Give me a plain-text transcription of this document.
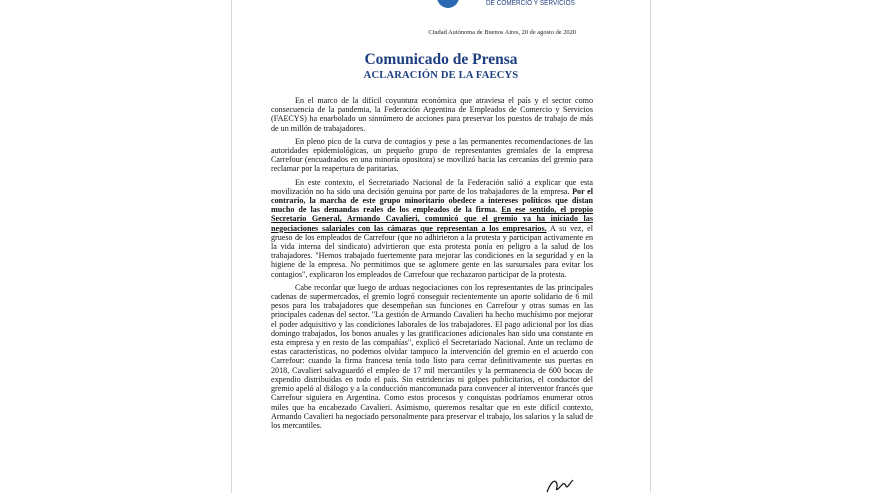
DE COMERCIO Y SERVICIOS
Ciudad Autónoma de Buenos Aires, 20 de agosto de 2020
Comunicado de Prensa
ACLARACIÓN DE LA FAECYS

En el marco de la difícil coyuntura económica que atraviesa el país y el sector como consecuencia de la pandemia, la Federación Argentina de Empleados de Comercio y Servicios (FAECYS) ha enarbolado un sinnúmero de acciones para preservar los puestos de trabajo de más de un millón de trabajadores.

En pleno pico de la curva de contagios y pese a las permanentes recomendaciones de las autoridades epidemiológicas, un pequeño grupo de representantes gremiales de la empresa Carrefour (encuadrados en una minoría opositora) se movilizó hacia las cercanías del gremio para reclamar por la reapertura de paritarias.

En este contexto, el Secretariado Nacional de la Federación salió a explicar que esta movilización no ha sido una decisión genuina por parte de los trabajadores de la empresa. Por el contrario, la marcha de este grupo minoritario obedece a intereses políticos que distan mucho de las demandas reales de los empleados de la firma. En ese sentido, el propio Secretario General, Armando Cavalieri, comunicó que el gremio ya ha iniciado las negociaciones salariales con las cámaras que representan a los empresarios. A su vez, el grueso de los empleados de Carrefour (que no adhirieron a la protesta y participan activamente en la vida interna del sindicato) advirtieron que esta protesta ponía en peligro a la salud de los trabajadores. "Hemos trabajado fuertemente para mejorar las condiciones en la seguridad y en la higiene de la empresa. No permitimos que se aglomere gente en las sursursales para evitar los contagios", explicaron los empleados de Carrefour que rechazaron participar de la protesta.

Cabe recordar que luego de arduas negociaciones con los representantes de las principales cadenas de supermercados, el gremio logró conseguir recientemente un aporte solidario de 6 mil pesos para los trabajadores que desempeñan sus funciones en Carrefour y otras sumas en las principales cadenas del sector. "La gestión de Armando Cavalieri ha hecho muchísimo por mejorar el poder adquisitivo y las condiciones laborales de los trabajadores. El pago adicional por los días domingo trabajados, los bonos anuales y las gratificaciones adicionales han sido una constante en esta empresa y en resto de las compañías", explicó el Secretariado Nacional. Ante un reclamo de estas características, no podemos olvidar tampoco la intervención del gremio en el acuerdo con Carrefour: cuando la firma francesa tenía todo listo para cerrar definitivamente sus puertas en 2018, Cavalieri salvaguardó el empleo de 17 mil mercantiles y la permanencia de 600 bocas de expendio distribuidas en todo el país. Sin estridencias ni golpes publicitarios, el conductor del gremio apeló al diálogo y a la conducción mancomunada para convencer al interventor francés que Carrefour siguiera en Argentina. Como estos procesos y conquistas podríamos enumerar otros miles que ha encabezado Cavalieri. Asimismo, queremos resaltar que en este difícil contexto, Armando Cavalieri ha negociado personalmente para preservar el trabajo, los salarios y la salud de los mercantiles.
